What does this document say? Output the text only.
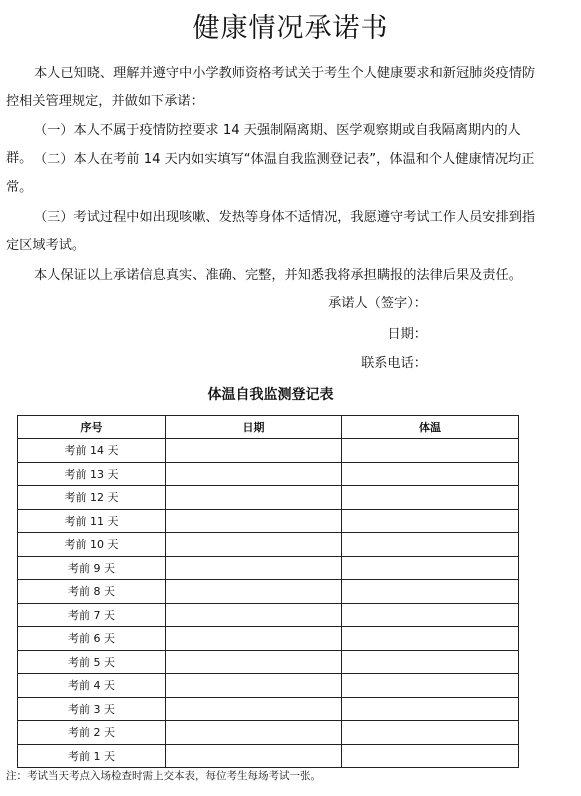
健康情况承诺书
本人已知晓、理解并遵守中小学教师资格考试关于考生个人健康要求和新冠肺炎疫情防控相关管理规定，并做如下承诺：
（一）本人不属于疫情防控要求 14 天强制隔离期、医学观察期或自我隔离期内的人群。 （二）本人在考前 14 天内如实填写“体温自我监测登记表”，体温和个人健康情况均正常。
（三）考试过程中如出现咳嗽、发热等身体不适情况，我愿遵守考试工作人员安排到指定区域考试。
本人保证以上承诺信息真实、准确、完整，并知悉我将承担瞒报的法律后果及责任。
承诺人（签字）：
日期：
联系电话：
体温自我监测登记表
序号	日期	体温
考前 14 天		
考前 13 天		
考前 12 天		
考前 11 天		
考前 10 天		
考前 9 天		
考前 8 天		
考前 7 天		
考前 6 天		
考前 5 天		
考前 4 天		
考前 3 天		
考前 2 天		
考前 1 天		
注：考试当天考点入场检查时需上交本表，每位考生每场考试一张。
